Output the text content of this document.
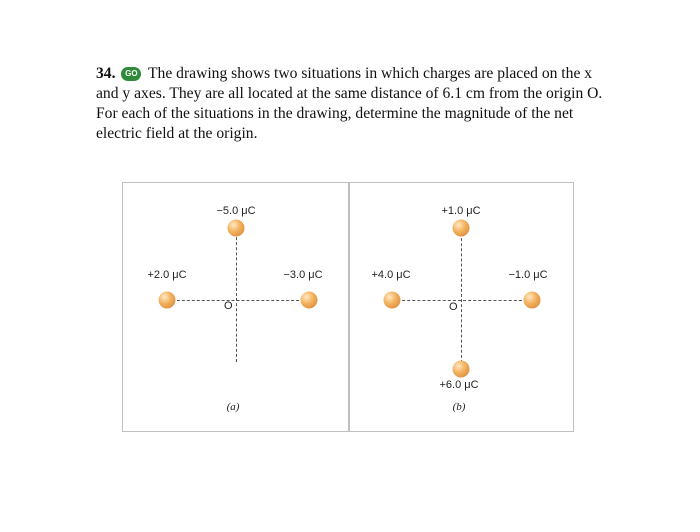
34. GO The drawing shows two situations in which charges are placed on the x and y axes. They are all located at the same distance of 6.1 cm from the origin O. For each of the situations in the drawing, determine the magnitude of the net electric field at the origin.
−5.0 μC
+2.0 μC	−3.0 μC
O
(a)
+1.0 μC
+4.0 μC	−1.0 μC
+6.0 μC
O
(b)
